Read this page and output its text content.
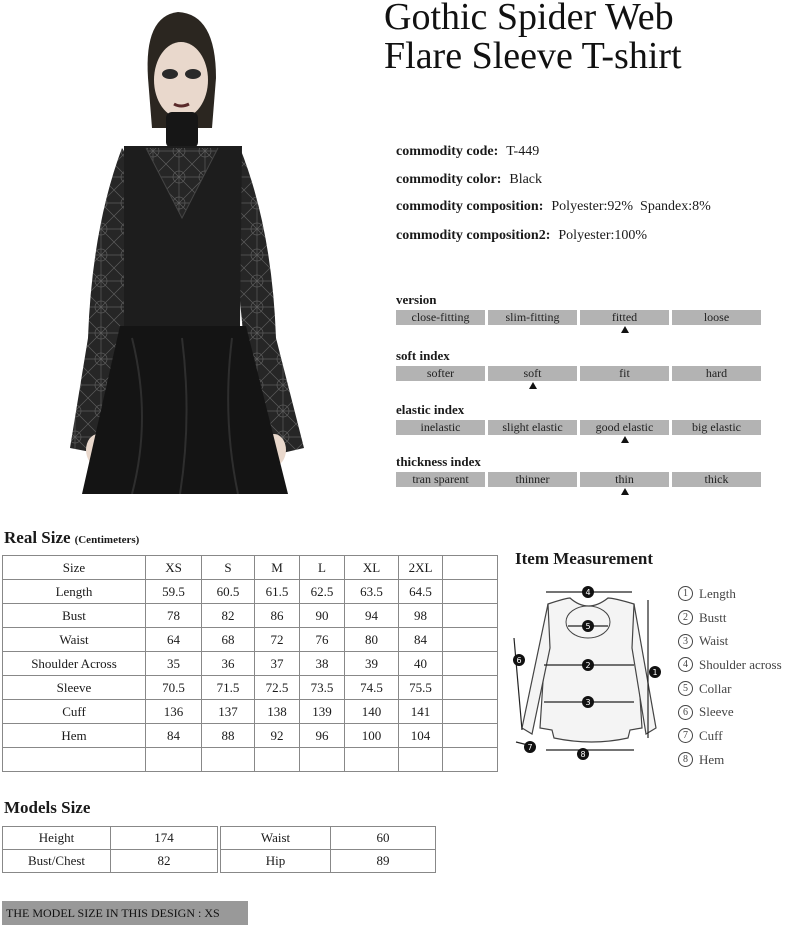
Gothic Spider Web
Flare Sleeve T-shirt
commodity code: T-449
commodity color: Black
commodity composition: Polyester:92%  Spandex:8%
commodity composition2: Polyester:100%
version
close-fitting	slim-fitting	fitted	loose
soft index
softer	soft	fit	hard
elastic index
inelastic	slight elastic	good elastic	big elastic
thickness index
tran sparent	thinner	thin	thick
Real Size (Centimeters)
Size	XS	S	M	L	XL	2XL	
Length	59.5	60.5	61.5	62.5	63.5	64.5	
Bust	78	82	86	90	94	98	
Waist	64	68	72	76	80	84	
Shoulder Across	35	36	37	38	39	40	
Sleeve	70.5	71.5	72.5	73.5	74.5	75.5	
Cuff	136	137	138	139	140	141	
Hem	84	88	92	96	100	104	

Item Measurement
4
5
2
3
1
6
7
8
1 Length
2 Bustt
3 Waist
4 Shoulder across
5 Collar
6 Sleeve
7 Cuff
8 Hem
Models Size
Height	174
Bust/Chest	82
Waist	60
Hip	89
THE MODEL SIZE IN THIS DESIGN : XS
